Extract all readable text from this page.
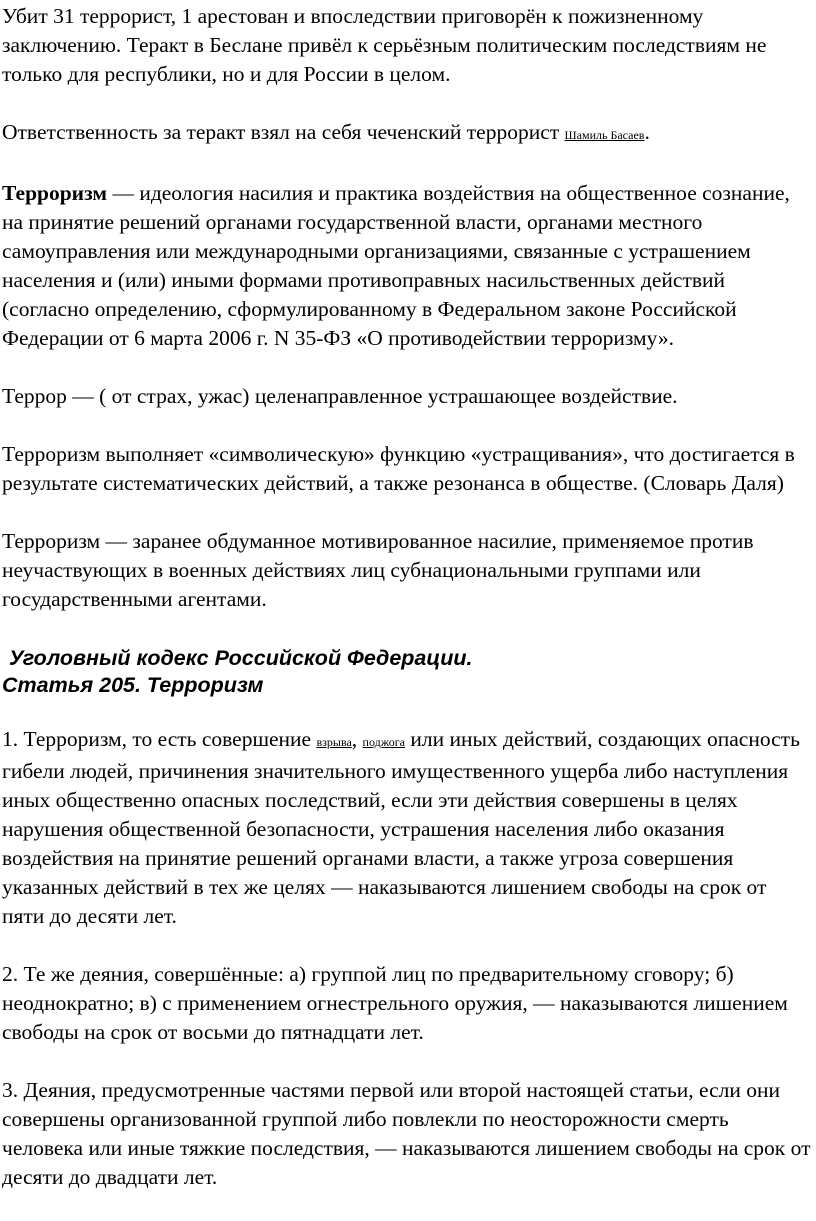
Убит 31 террорист, 1 арестован и впоследствии приговорён к пожизненному заключению. Теракт в Беслане привёл к серьёзным политическим последствиям не только для республики, но и для России в целом.

Ответственность за теракт взял на себя чеченский террорист Шамиль Басаев.

Терроризм — идеология насилия и практика воздействия на общественное сознание, на принятие решений органами государственной власти, органами местного самоуправления или международными организациями, связанные с устрашением населения и (или) иными формами противоправных насильственных действий (согласно определению, сформулированному в Федеральном законе Российской Федерации от 6 марта 2006 г. N 35-ФЗ «О противодействии терроризму».

Террор — ( от страх, ужас) целенаправленное устрашающее воздействие.

Терроризм выполняет «символическую» функцию «устращивания», что достигается в результате систематических действий, а также резонанса в обществе. (Словарь Даля)

Терроризм — заранее обдуманное мотивированное насилие, применяемое против неучаствующих в военных действиях лиц субнациональными группами или государственными агентами.

Уголовный кодекс Российской Федерации.
Статья 205. Терроризм

1. Терроризм, то есть совершение взрыва, поджога или иных действий, создающих опасность гибели людей, причинения значительного имущественного ущерба либо наступления иных общественно опасных последствий, если эти действия совершены в целях нарушения общественной безопасности, устрашения населения либо оказания воздействия на принятие решений органами власти, а также угроза совершения указанных действий в тех же целях — наказываются лишением свободы на срок от пяти до десяти лет.

2. Те же деяния, совершённые: а) группой лиц по предварительному сговору; б) неоднократно; в) с применением огнестрельного оружия, — наказываются лишением свободы на срок от восьми до пятнадцати лет.

3. Деяния, предусмотренные частями первой или второй настоящей статьи, если они совершены организованной группой либо повлекли по неосторожности смерть человека или иные тяжкие последствия, — наказываются лишением свободы на срок от десяти до двадцати лет.
